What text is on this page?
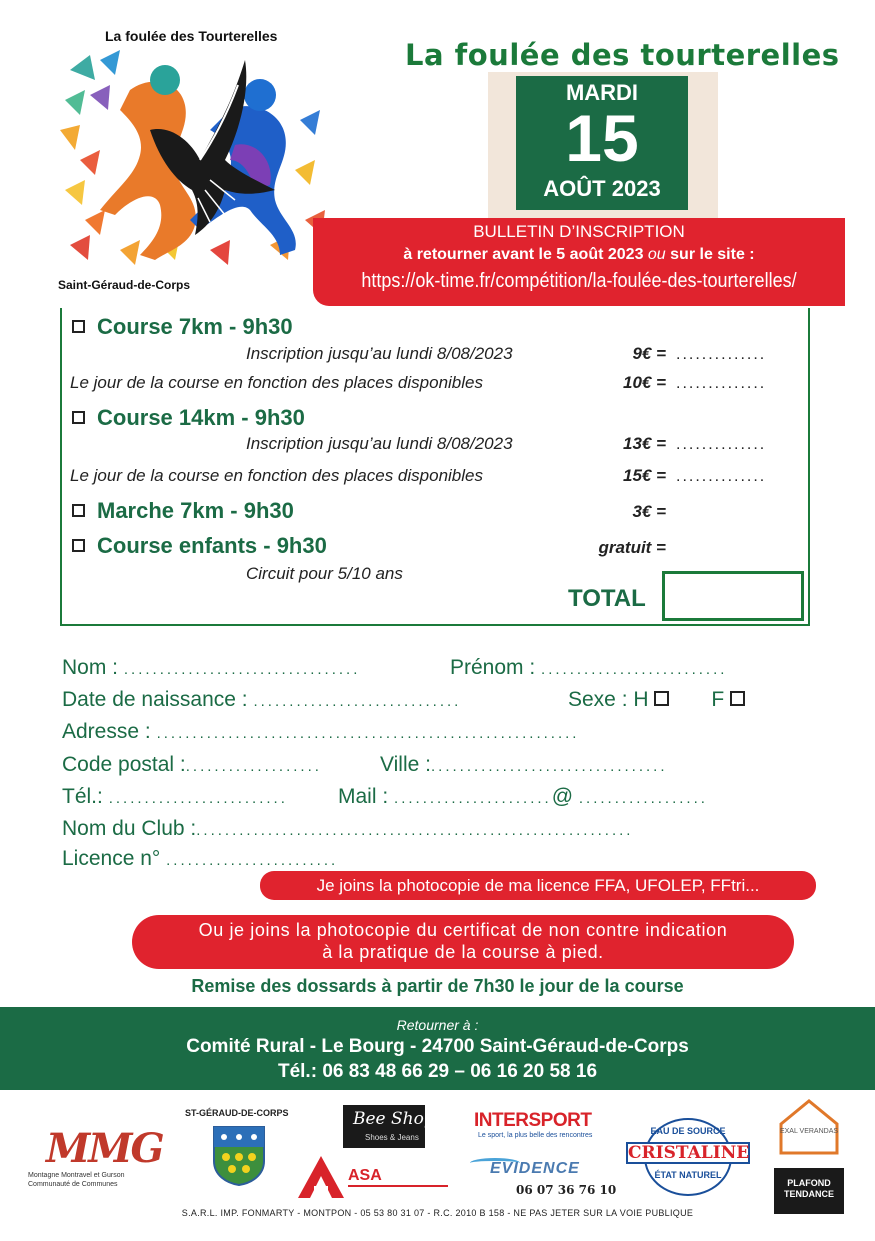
La foulée des Tourterelles
Saint-Géraud-de-Corps
La foulée des tourterelles
MARDI
15
AOÛT 2023
BULLETIN D’INSCRIPTION
à retourner avant le 5 août 2023 ou sur le site :
https://ok-time.fr/compétition/la-foulée-des-tourterelles/
Course 7km - 9h30
Inscription jusqu’au lundi 8/08/2023	9€ = ..............
Le jour de la course en fonction des places disponibles	10€ = ..............
Course 14km - 9h30
Inscription jusqu’au lundi 8/08/2023	13€ = ..............
Le jour de la course en fonction des places disponibles	15€ = ..............
Marche 7km - 9h30	3€ =
Course enfants - 9h30	gratuit =
Circuit pour 5/10 ans
TOTAL
Nom : .................................	Prénom : ..........................
Date de naissance : .............................	Sexe : H	F
Adresse : ...........................................................
Code postal :...................	Ville :.................................
Tél.: ......................... Mail : ......................@ ..................
Nom du Club :.............................................................
Licence n° ........................
Je joins la photocopie de ma licence FFA, UFOLEP, FFtri...
Ou je joins la photocopie du certificat de non contre indication
à la pratique de la course à pied.
Remise des dossards à partir de 7h30 le jour de la course
Retourner à :
Comité Rural - Le Bourg - 24700 Saint-Géraud-de-Corps
Tél.: 06 83 48 66 29 – 06 16 20 58 16
MMG
Montagne Montravel et Gurson Communauté de Communes
ST-GÉRAUD-DE-CORPS	Bee Shop
Shoes & Jeans
ASA
INTERSPORT
Le sport, la plus belle des rencontres
EVIDENCE
06 07 36 76 10
EAU DE SOURCE
CRISTALINE
ÉTAT NATUREL
EXAL VERANDAS
PLAFOND TENDANCE
S.A.R.L. IMP. FONMARTY - MONTPON - 05 53 80 31 07 - R.C. 2010 B 158 - NE PAS JETER SUR LA VOIE PUBLIQUE
